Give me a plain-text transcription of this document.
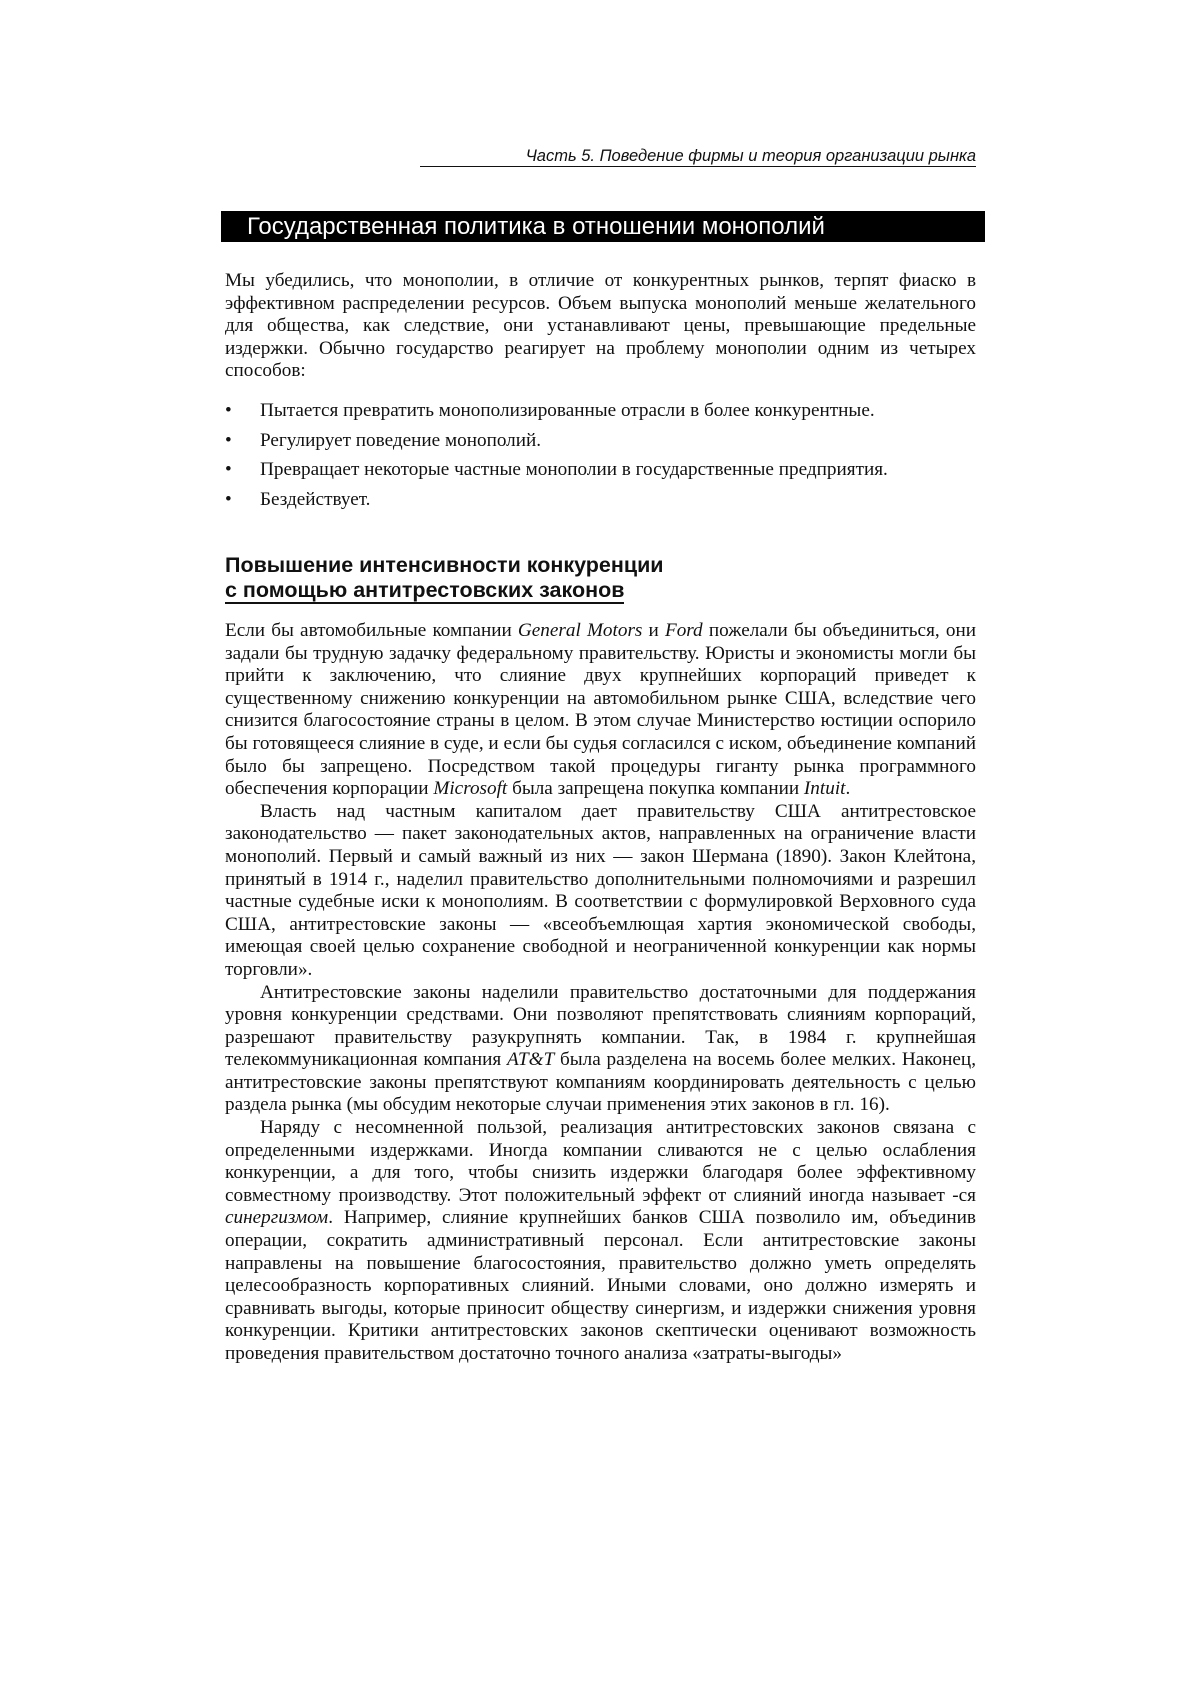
Часть 5. Поведение фирмы и теория организации рынка
Государственная политика в отношении монополий
Мы убедились, что монополии, в отличие от конкурентных рынков, терпят фиаско в эффективном распределении ресурсов. Объем выпуска монополий меньше желательного для общества, как следствие, они устанавливают цены, превышающие предельные издержки. Обычно государство реагирует на проблему монополии одним из четырех способов:
• Пытается превратить монополизированные отрасли в более конкурентные.
• Регулирует поведение монополий.
• Превращает некоторые частные монополии в государственные предприятия.
• Бездействует.
Повышение интенсивности конкуренции
с помощью антитрестовских законов

Если бы автомобильные компании General Motors и Ford пожелали бы объединиться, они задали бы трудную задачку федеральному правительству. Юристы и экономисты могли бы прийти к заключению, что слияние двух крупнейших корпораций приведет к существенному снижению конкуренции на автомобильном рынке США, вследствие чего снизится благосостояние страны в целом. В этом случае Министерство юстиции оспорило бы готовящееся слияние в суде, и если бы судья согласился с иском, объединение компаний было бы запрещено. Посредством такой процедуры гиганту рынка программного обеспечения корпорации Microsoft была запрещена покупка компании Intuit.

Власть над частным капиталом дает правительству США антитрестовское законодательство — пакет законодательных актов, направленных на ограничение власти монополий. Первый и самый важный из них — закон Шермана (1890). Закон Клейтона, принятый в 1914 г., наделил правительство дополнительными полномочиями и разрешил частные судебные иски к монополиям. В соответствии с формулировкой Верховного суда США, антитрестовские законы — «всеобъемлющая хартия экономической свободы, имеющая своей целью сохранение свободной и неограниченной конкуренции как нормы торговли».

Антитрестовские законы наделили правительство достаточными для поддержания уровня конкуренции средствами. Они позволяют препятствовать слияниям корпораций, разрешают правительству разукрупнять компании. Так, в 1984 г. крупнейшая телекоммуникационная компания AT&T была разделена на восемь более мелких. Наконец, антитрестовские законы препятствуют компаниям координировать деятельность с целью раздела рынка (мы обсудим некоторые случаи применения этих законов в гл. 16).

Наряду с несомненной пользой, реализация антитрестовских законов связана с определенными издержками. Иногда компании сливаются не с целью ослабления конкуренции, а для того, чтобы снизить издержки благодаря более эффективному совместному производству. Этот положительный эффект от слияний иногда называет -ся синергизмом. Например, слияние крупнейших банков США позволило им, объединив операции, сократить административный персонал. Если антитрестовские законы направлены на повышение благосостояния, правительство должно уметь определять целесообразность корпоративных слияний. Иными словами, оно должно измерять и сравнивать выгоды, которые приносит обществу синергизм, и издержки снижения уровня конкуренции. Критики антитрестовских законов скептически оценивают возможность проведения правительством достаточно точного анализа «затраты-выгоды»
